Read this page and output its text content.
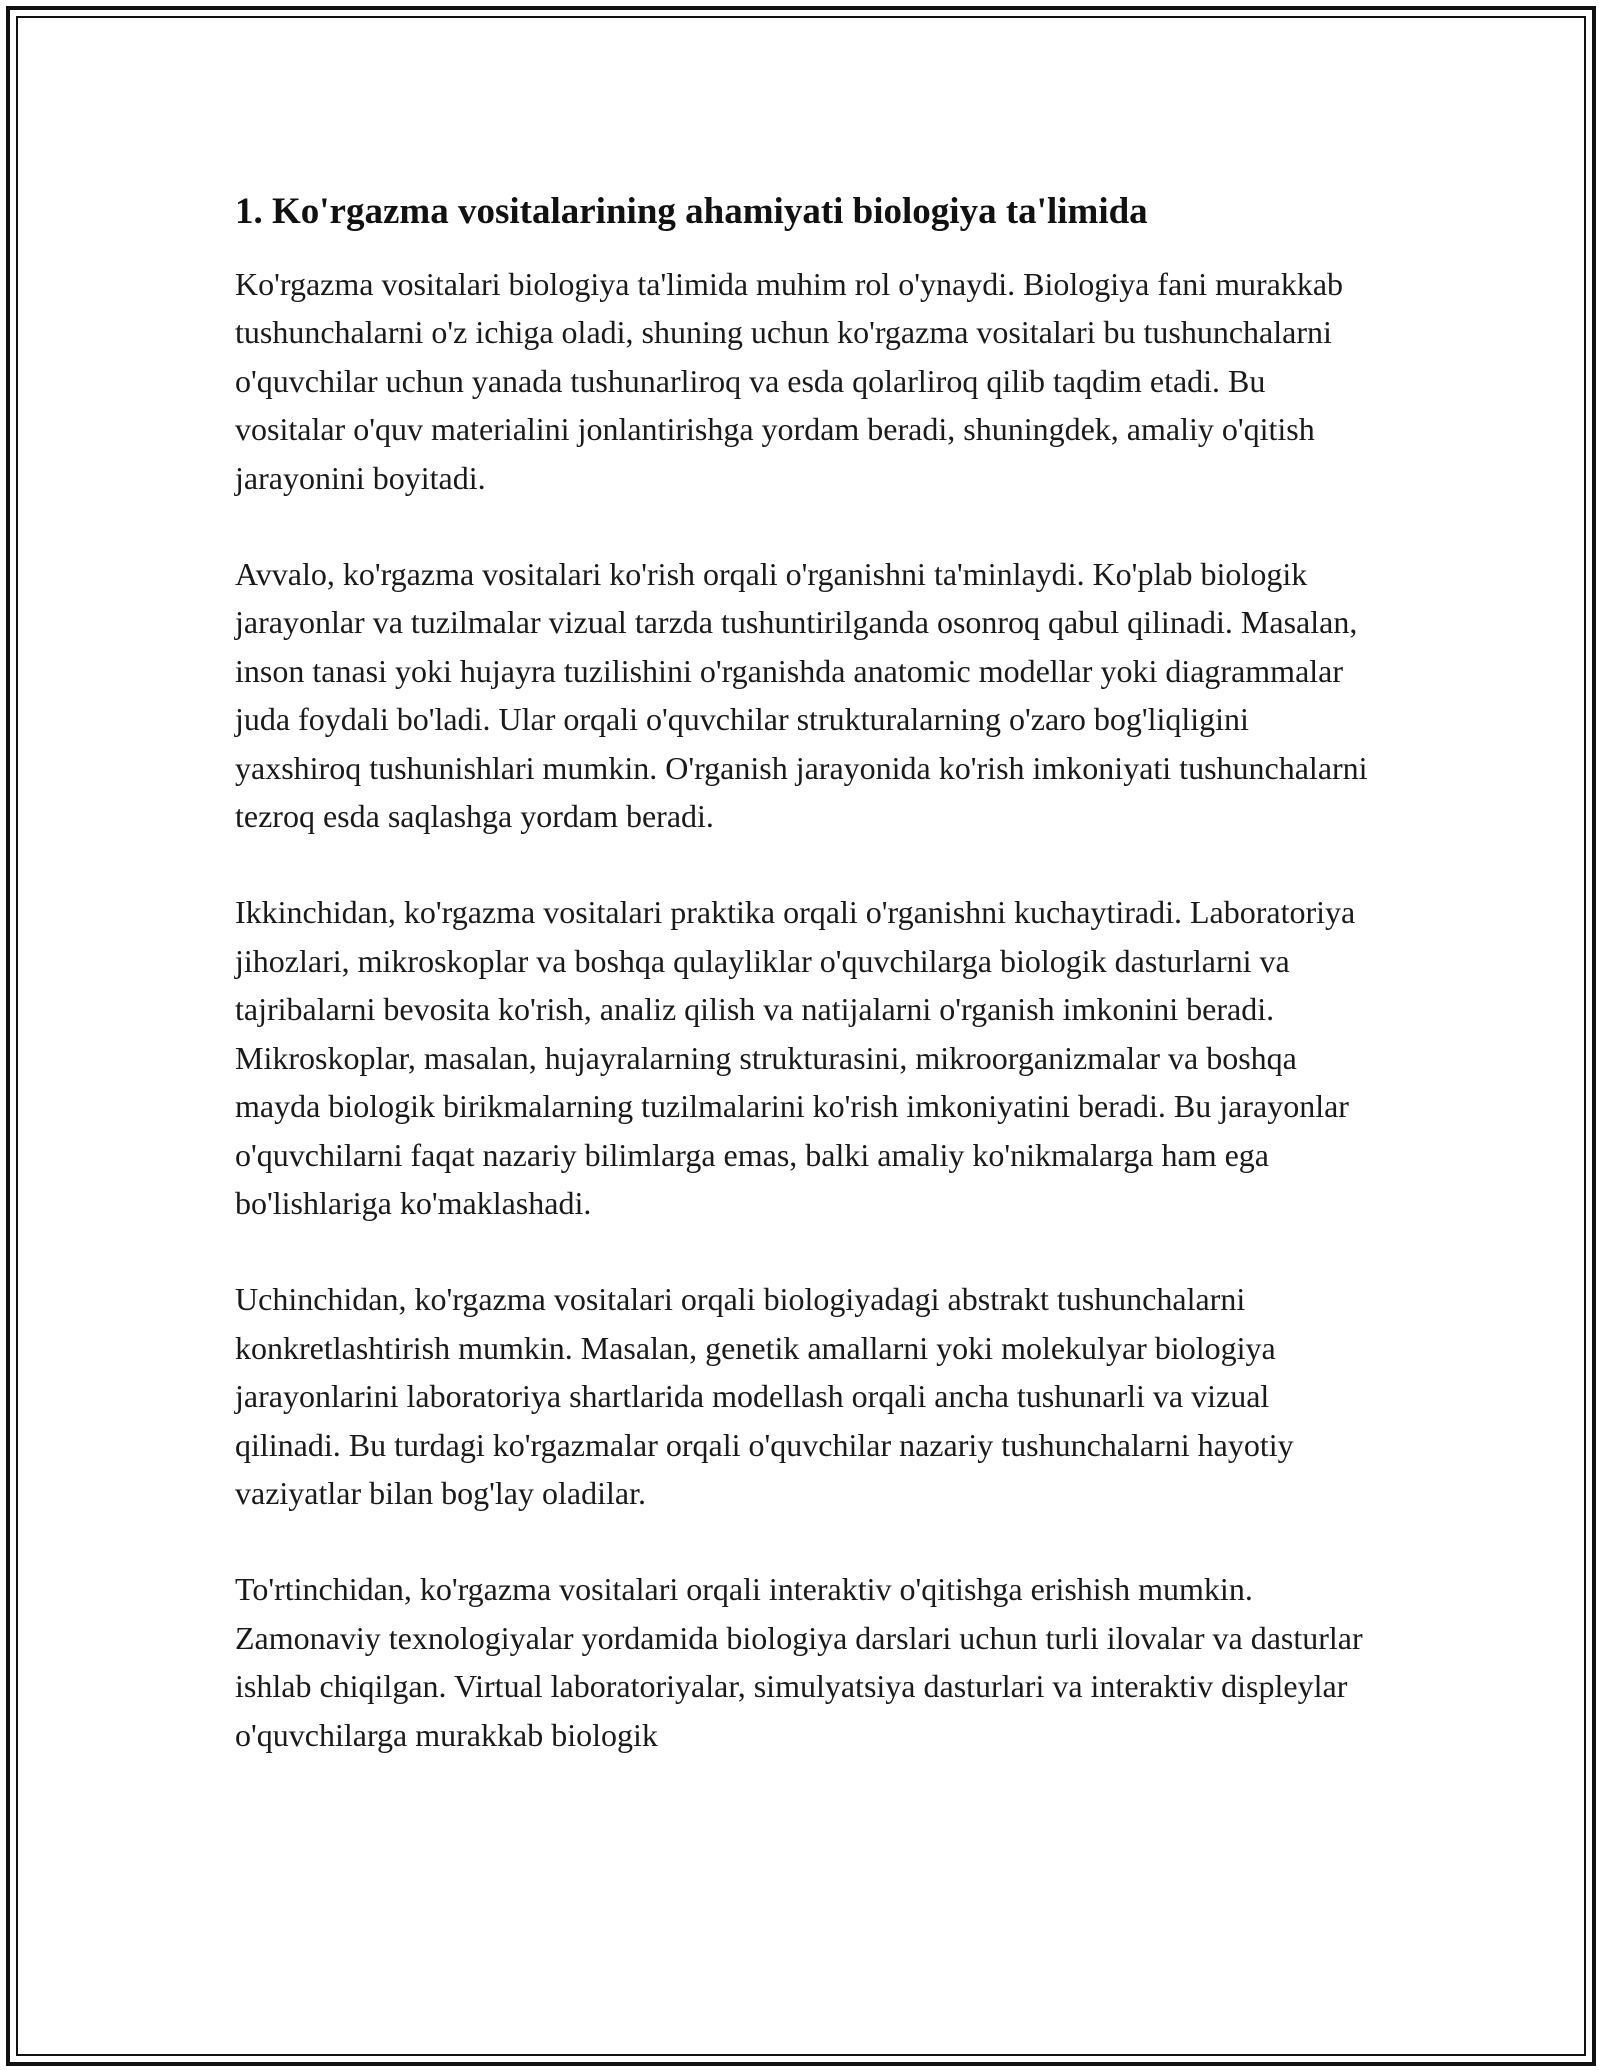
1. Ko'rgazma vositalarining ahamiyati biologiya ta'limida

Ko'rgazma vositalari biologiya ta'limida muhim rol o'ynaydi. Biologiya fani murakkab tushunchalarni o'z ichiga oladi, shuning uchun ko'rgazma vositalari bu tushunchalarni o'quvchilar uchun yanada tushunarliroq va esda qolarliroq qilib taqdim etadi. Bu vositalar o'quv materialini jonlantirishga yordam beradi, shuningdek, amaliy o'qitish jarayonini boyitadi.

Avvalo, ko'rgazma vositalari ko'rish orqali o'rganishni ta'minlaydi. Ko'plab biologik jarayonlar va tuzilmalar vizual tarzda tushuntirilganda osonroq qabul qilinadi. Masalan, inson tanasi yoki hujayra tuzilishini o'rganishda anatomic modellar yoki diagrammalar juda foydali bo'ladi. Ular orqali o'quvchilar strukturalarning o'zaro bog'liqligini yaxshiroq tushunishlari mumkin. O'rganish jarayonida ko'rish imkoniyati tushunchalarni tezroq esda saqlashga yordam beradi.

Ikkinchidan, ko'rgazma vositalari praktika orqali o'rganishni kuchaytiradi. Laboratoriya jihozlari, mikroskoplar va boshqa qulayliklar o'quvchilarga biologik dasturlarni va tajribalarni bevosita ko'rish, analiz qilish va natijalarni o'rganish imkonini beradi. Mikroskoplar, masalan, hujayralarning strukturasini, mikroorganizmalar va boshqa mayda biologik birikmalarning tuzilmalarini ko'rish imkoniyatini beradi. Bu jarayonlar o'quvchilarni faqat nazariy bilimlarga emas, balki amaliy ko'nikmalarga ham ega bo'lishlariga ko'maklashadi.

Uchinchidan, ko'rgazma vositalari orqali biologiyadagi abstrakt tushunchalarni konkretlashtirish mumkin. Masalan, genetik amallarni yoki molekulyar biologiya jarayonlarini laboratoriya shartlarida modellash orqali ancha tushunarli va vizual qilinadi. Bu turdagi ko'rgazmalar orqali o'quvchilar nazariy tushunchalarni hayotiy vaziyatlar bilan bog'lay oladilar.

To'rtinchidan, ko'rgazma vositalari orqali interaktiv o'qitishga erishish mumkin. Zamonaviy texnologiyalar yordamida biologiya darslari uchun turli ilovalar va dasturlar ishlab chiqilgan. Virtual laboratoriyalar, simulyatsiya dasturlari va interaktiv displeylar o'quvchilarga murakkab biologik
